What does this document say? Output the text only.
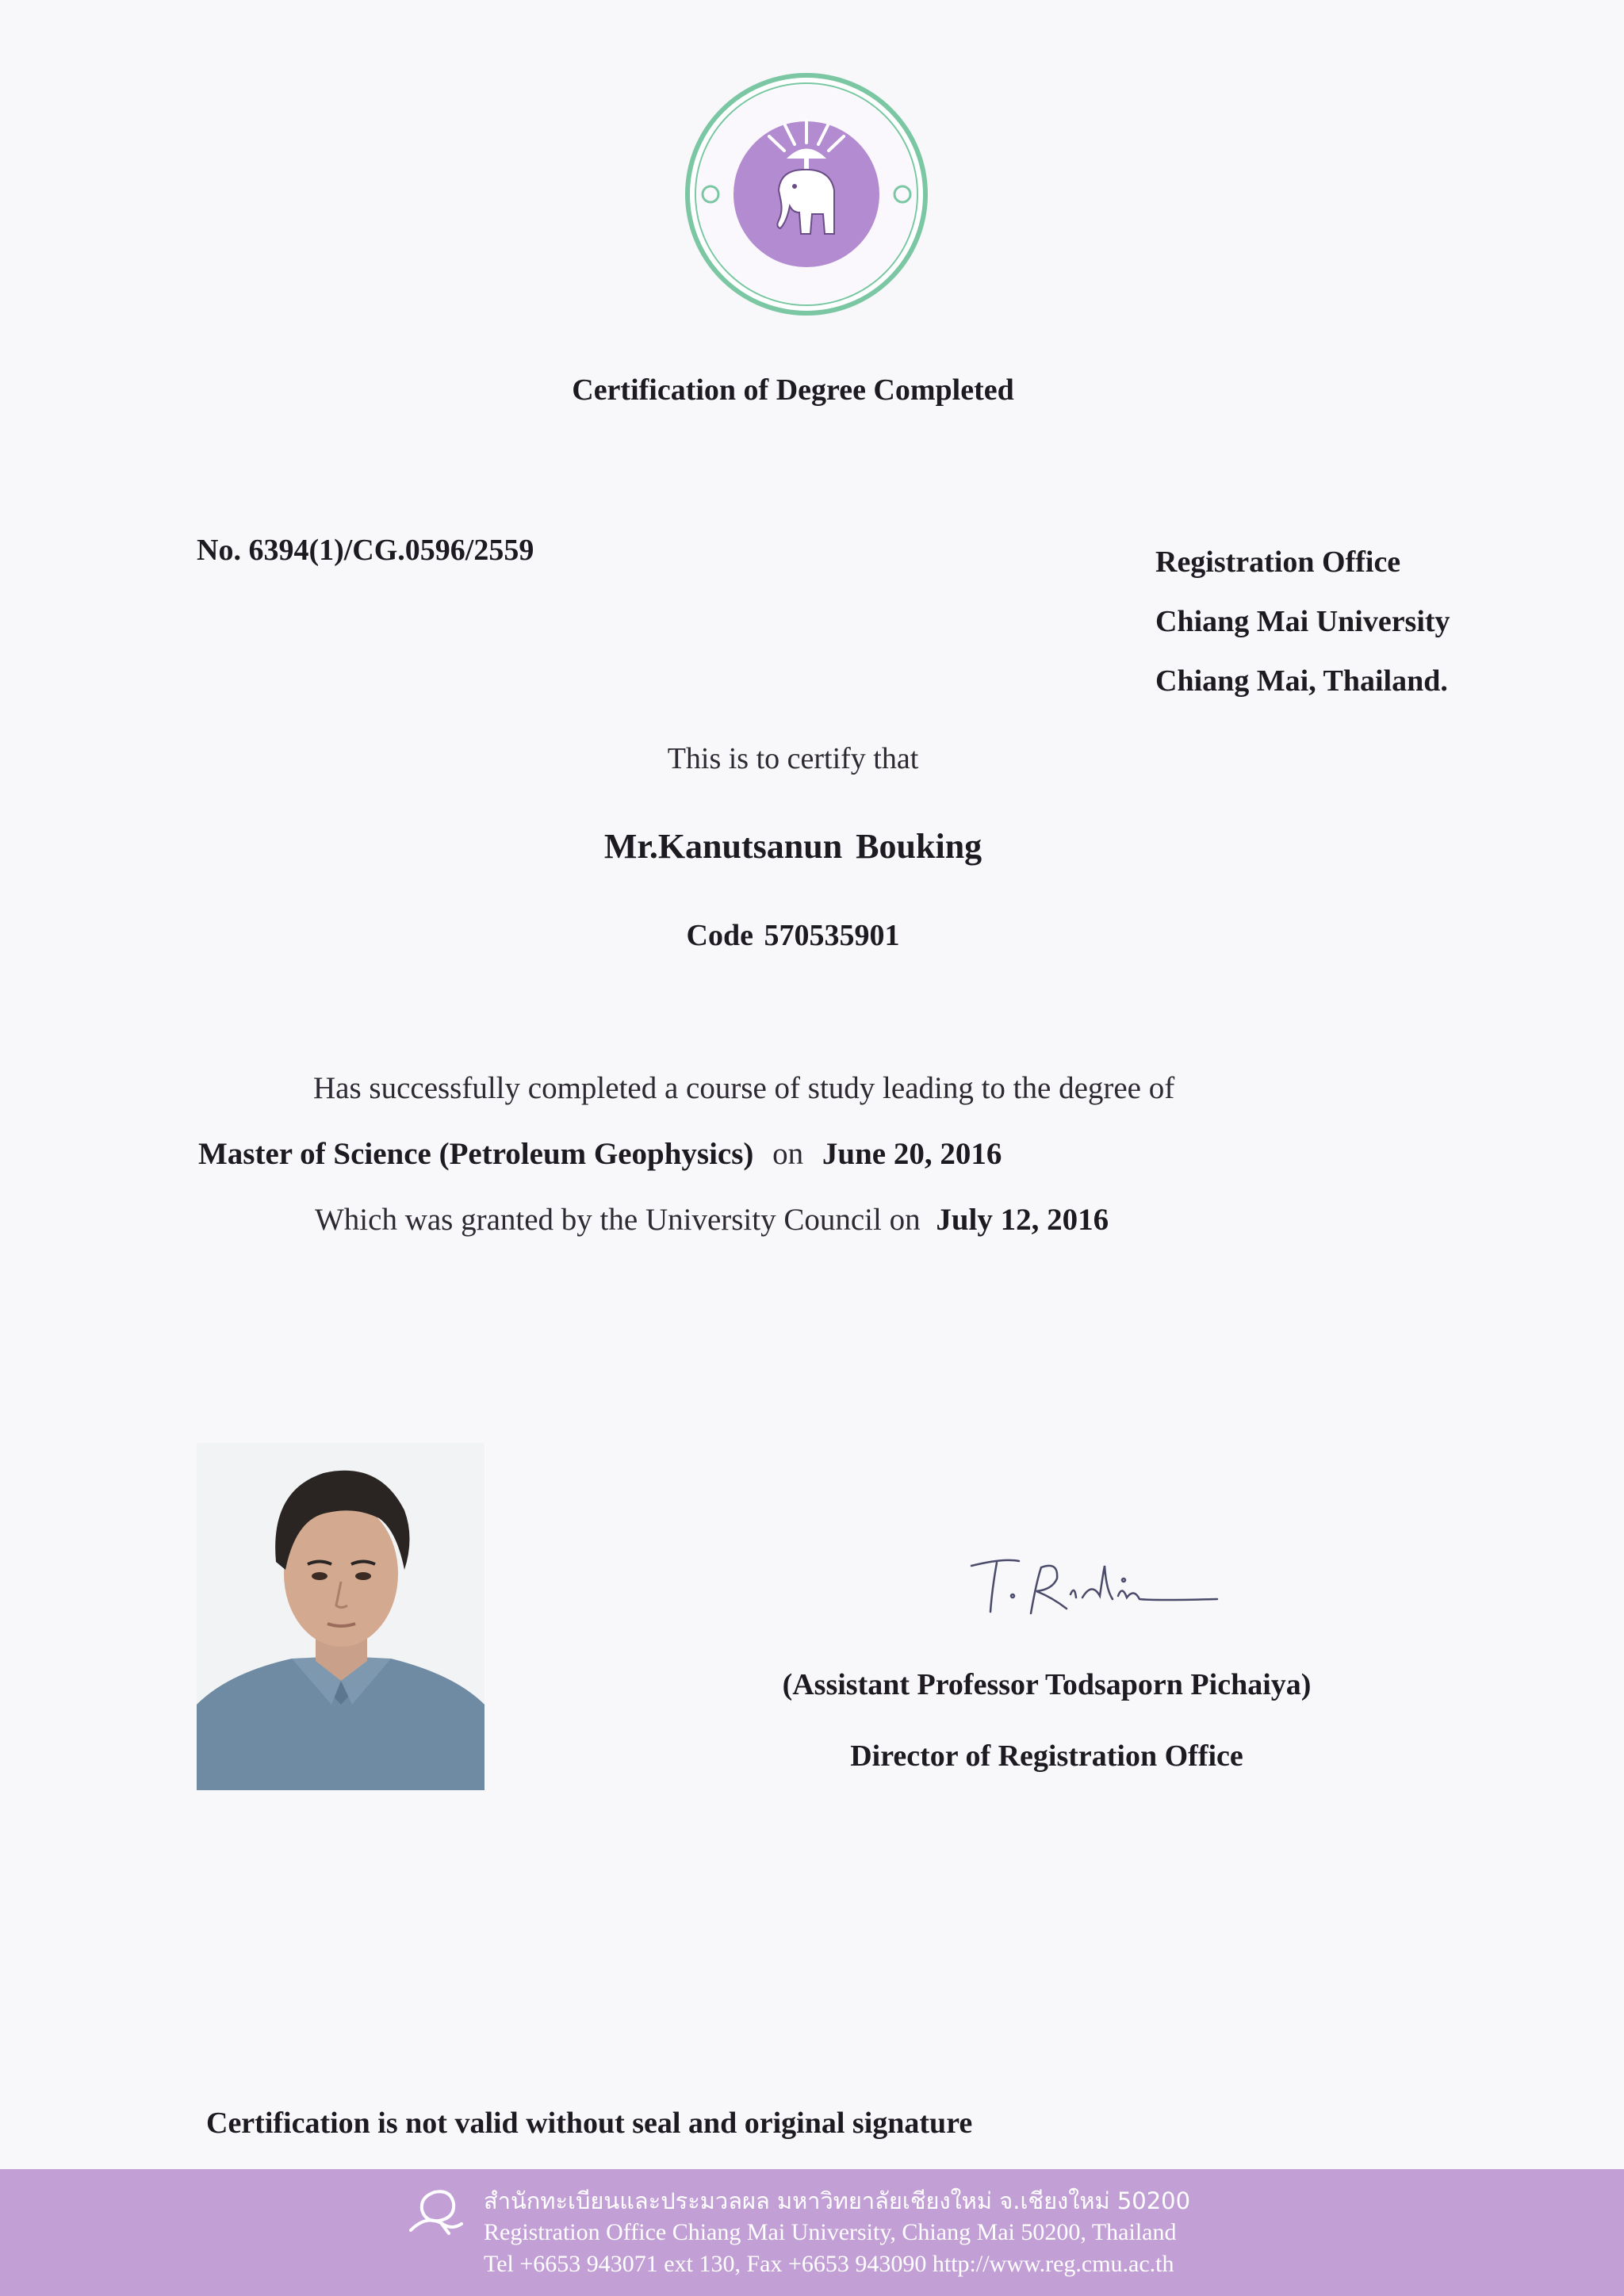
Certification of Degree Completed
No. 6394(1)/CG.0596/2559	Registration Office
Chiang Mai University
Chiang Mai, Thailand.
This is to certify that
Mr.Kanutsanun Bouking
Code 570535901
Has successfully completed a course of study leading to the degree of
Master of Science (Petroleum Geophysics) on June 20, 2016
Which was granted by the University Council on July 12, 2016
(Assistant Professor Todsaporn Pichaiya)
Director of Registration Office
Certification is not valid without seal and original signature
สำนักทะเบียนและประมวลผล มหาวิทยาลัยเชียงใหม่ จ.เชียงใหม่ 50200
Registration Office Chiang Mai University, Chiang Mai 50200, Thailand
Tel +6653 943071 ext 130, Fax +6653 943090 http://www.reg.cmu.ac.th
